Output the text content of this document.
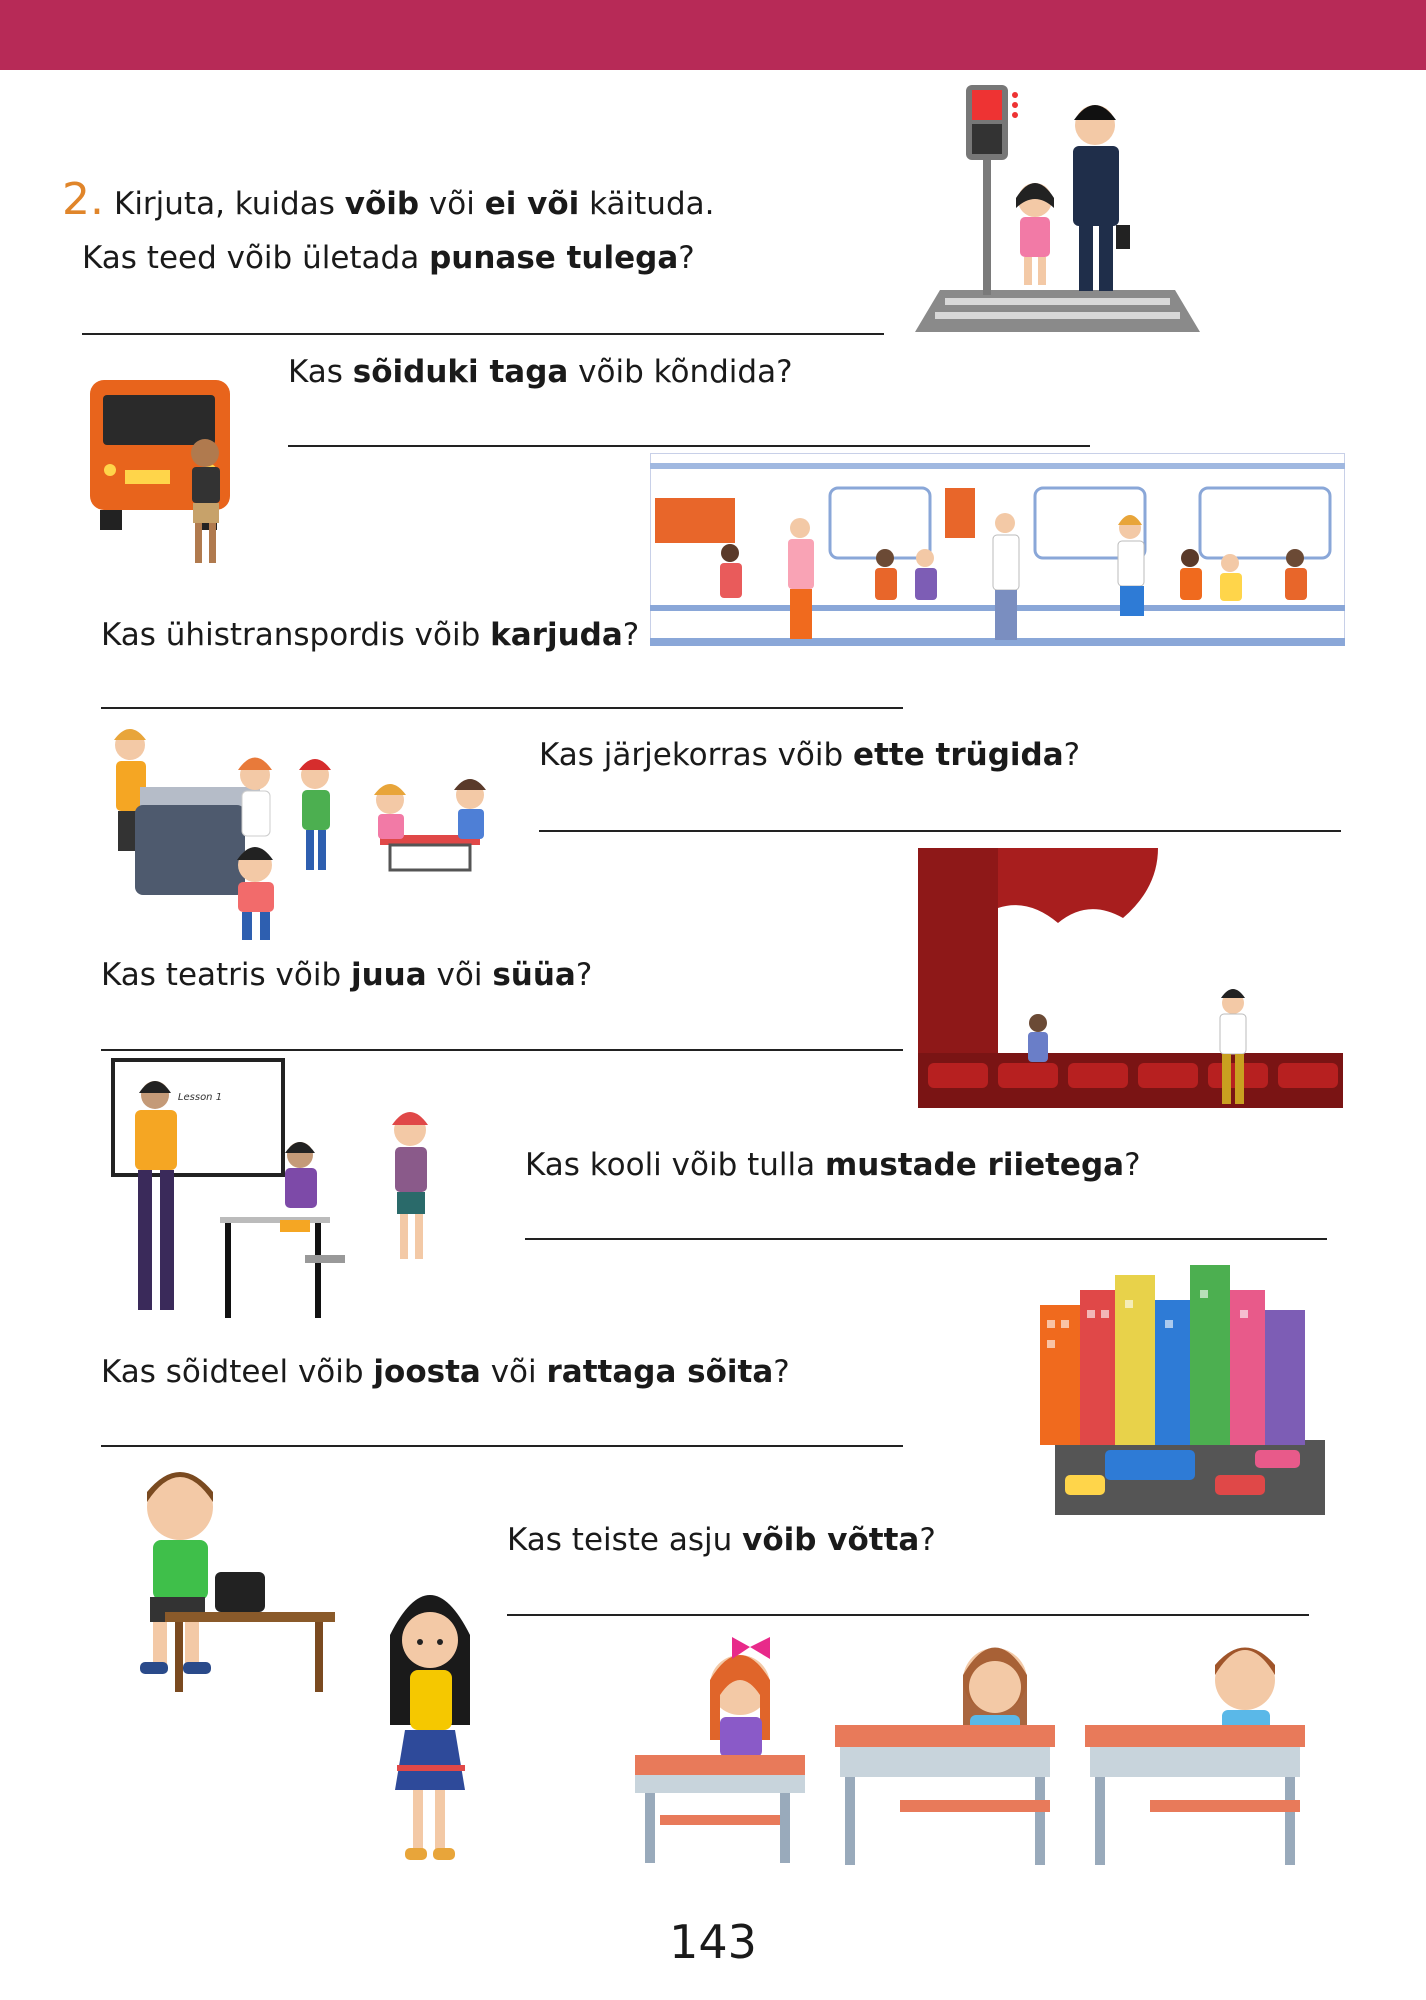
2. Kirjuta, kuidas võib või ei või käituda.
Kas teed võib ületada punase tulega?
Kas sõiduki taga võib kõndida?
Kas ühistranspordis võib karjuda?
Kas järjekorras võib ette trügida?
Kas teatris võib juua või süüa?
Kas kooli võib tulla mustade riietega?
Kas sõidteel võib joosta või rattaga sõita?
Kas teiste asju võib võtta?
Lesson 1
143
